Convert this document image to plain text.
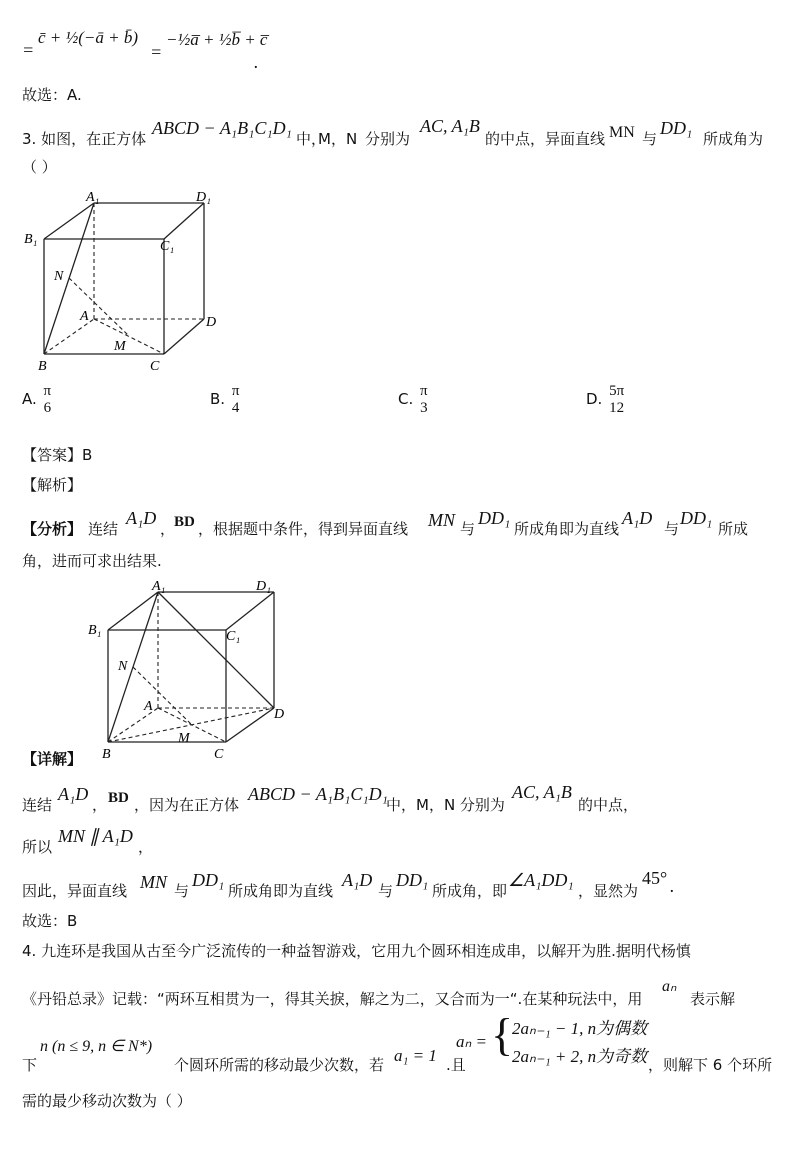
=
c̄ + ½(−ā + b̄)
=
−½a̅ + ½b̅ + c̅
.
故选：A.
3. 如图，在正方体
ABCD − A₁B₁C₁D₁
中，
M，N 分别为
AC, A₁B
的中点，异面直线 MN 与
DD₁
所成角为
（ ）
A₁	D₁
B₁	C₁
N
A	D
B
M
C
A. π
6	B. π
4	C. π
3	D. 5π
12
【答案】B
【解析】
【分析】 连结
A₁D
，
BD ，根据题中条件，得到异面直线 MN 与
DD₁
所成角即为直线
A₁D
与
DD₁
所成
角，进而可求出结果.
A₁	D₁
B₁	C₁
N
A
D
B
M
C
【详解】
连结
A₁D
， BD ，因为在正方体
ABCD − A₁B₁C₁D₁
中，M，N 分别为
AC, A₁B
的中点，
所以
MN ∥ A₁D
，
因此，异面直线 MN 与
DD₁
所成角即为直线
A₁D
与
DD₁
所成角，即
∠A₁DD₁
，显然为
45° .
故选：B
4. 九连环是我国从古至今广泛流传的一种益智游戏，它用九个圆环相连成串，以解开为胜.据明代杨慎
《丹铅总录》记载：“两环互相贯为一，得其关捩，解之为二，又合而为一“.在某种玩法中，用
aₙ
表示解
下
n (n ≤ 9, n ∈ N*)
个圆环所需的移动最少次数，若 a₁ = 1 .且
aₙ = {
2aₙ₋₁ − 1, n为偶数
2aₙ₋₁ + 2, n为奇数 ，则解下 6 个环所
需的最少移动次数为（ ）
